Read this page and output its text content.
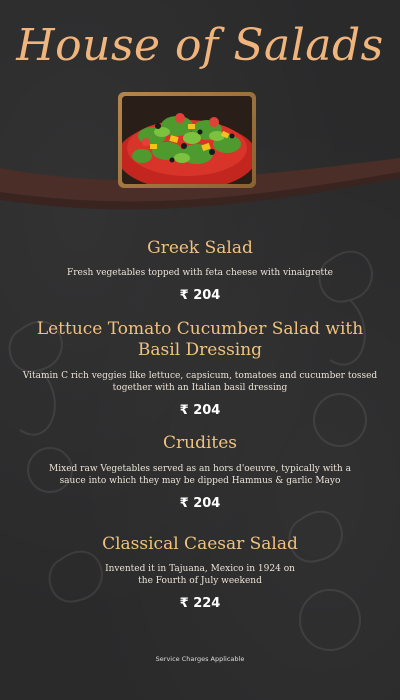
House of Salads
Greek Salad
Fresh vegetables topped with feta cheese with vinaigrette
₹ 204
Lettuce Tomato Cucumber Salad with Basil Dressing
Vitamin C rich veggies like lettuce, capsicum, tomatoes and cucumber tossed together with an Italian basil dressing
₹ 204
Crudites
Mixed raw Vegetables served as an hors d'oeuvre, typically with a sauce into which they may be dipped Hammus & garlic Mayo
₹ 204
Classical Caesar Salad
Invented it in Tajuana, Mexico in 1924 on the Fourth of July weekend
₹ 224
Service Charges Applicable
